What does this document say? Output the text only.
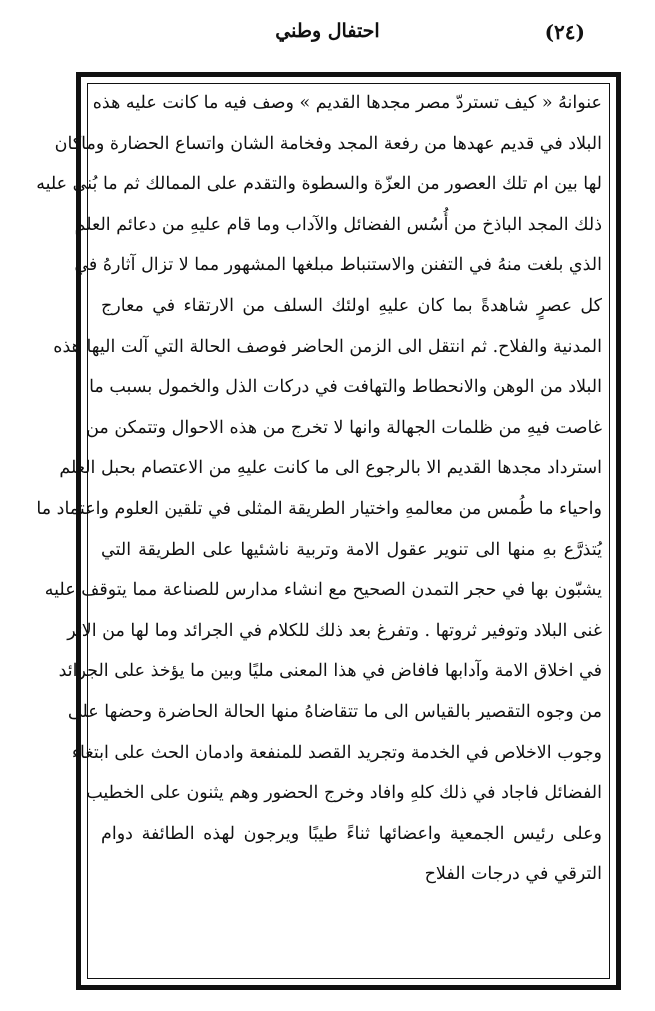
(٢٤)
احتفال وطني
عنوانهُ « كيف تستردّ مصر مجدها القديم » وصف فيه ما كانت عليه هذه
البلاد في قديم عهدها من رفعة المجد وفخامة الشان واتساع الحضارة وماكان
لها بين ام تلك العصور من العزّة والسطوة والتقدم على الممالك ثم ما بُني عليه
ذلك المجد الباذخ من أُسُس الفضائل والآداب وما قام عليهِ من دعائم العلم
الذي بلغت منهُ في التفنن والاستنباط مبلغها المشهور مما لا تزال آثارهُ في
كل عصرٍ شاهدةً بما كان عليهِ اولئك السلف من الارتقاء في معارج
المدنية والفلاح. ثم انتقل الى الزمن الحاضر فوصف الحالة التي آلت اليها هذه
البلاد من الوهن والانحطاط والتهافت في دركات الذل والخمول بسبب ما
غاصت فيهِ من ظلمات الجهالة وانها لا تخرج من هذه الاحوال وتتمكن من
استرداد مجدها القديم الا بالرجوع الى ما كانت عليهِ من الاعتصام بحبل العلم
واحياء ما طُمس من معالمهِ واختيار الطريقة المثلى في تلقين العلوم واعتماد ما
يُتذرَّع بهِ منها الى تنوير عقول الامة وتربية ناشئيها على الطريقة التي
يشبّون بها في حجر التمدن الصحيح مع انشاء مدارس للصناعة مما يتوقف عليه
غنى البلاد وتوفير ثروتها . وتفرغ بعد ذلك للكلام في الجرائد وما لها من الاثر
في اخلاق الامة وآدابها فافاض في هذا المعنى مليًا وبين ما يؤخذ على الجرائد
من وجوه التقصير بالقياس الى ما تتقاضاهُ منها الحالة الحاضرة وحضها على
وجوب الاخلاص في الخدمة وتجريد القصد للمنفعة وادمان الحث على ابتغاء
الفضائل فاجاد في ذلك كلهِ وافاد وخرج الحضور وهم يثنون على الخطيب
وعلى رئيس الجمعية واعضائها ثناءً طيبًا ويرجون لهذه الطائفة دوام
الترقي في درجات الفلاح
